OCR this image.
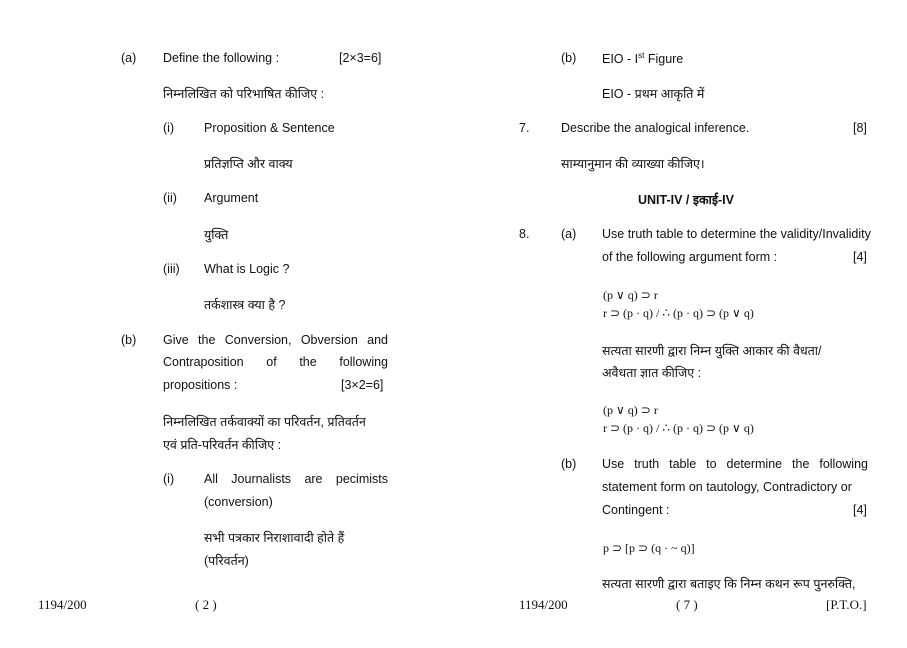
(a) Define the following :	[2×3=6]
निम्नलिखित को परिभाषित कीजिए :
(i) Proposition & Sentence
प्रतिज्ञप्ति और वाक्य
(ii) Argument
युक्ति
(iii) What is Logic ?
तर्कशास्त्र क्या है ?
(b) Give the Conversion, Obversion and
Contraposition of the following
propositions :	[3×2=6]
निम्नलिखित तर्कवाक्यों का परिवर्तन, प्रतिवर्तन
एवं प्रति-परिवर्तन कीजिए :
(i) All Journalists are pecimists
(conversion)
सभी पत्रकार निराशावादी होते हैं
(परिवर्तन)
1194/200	( 2 )
(b) EIO - Ist Figure
EIO - प्रथम आकृति में
7.	Describe the analogical inference.	[8]
साम्यानुमान की व्याख्या कीजिए।
UNIT-IV / इकाई-IV
8.	(a) Use truth table to determine the validity/Invalidity
of the following argument form :	[4]
(p ∨ q) ⊃ r
r ⊃ (p · q) / ∴ (p · q) ⊃ (p ∨ q)
सत्यता सारणी द्वारा निम्न युक्ति आकार की वैधता/
अवैधता ज्ञात कीजिए :
(p ∨ q) ⊃ r
r ⊃ (p · q) / ∴ (p · q) ⊃ (p ∨ q)
(b) Use truth table to determine the following
statement form on tautology, Contradictory or
Contingent :	[4]
p ⊃ [p ⊃ (q · ~ q)]
सत्यता सारणी द्वारा बताइए कि निम्न कथन रूप पुनरुक्ति,
1194/200	( 7 )	[P.T.O.]
